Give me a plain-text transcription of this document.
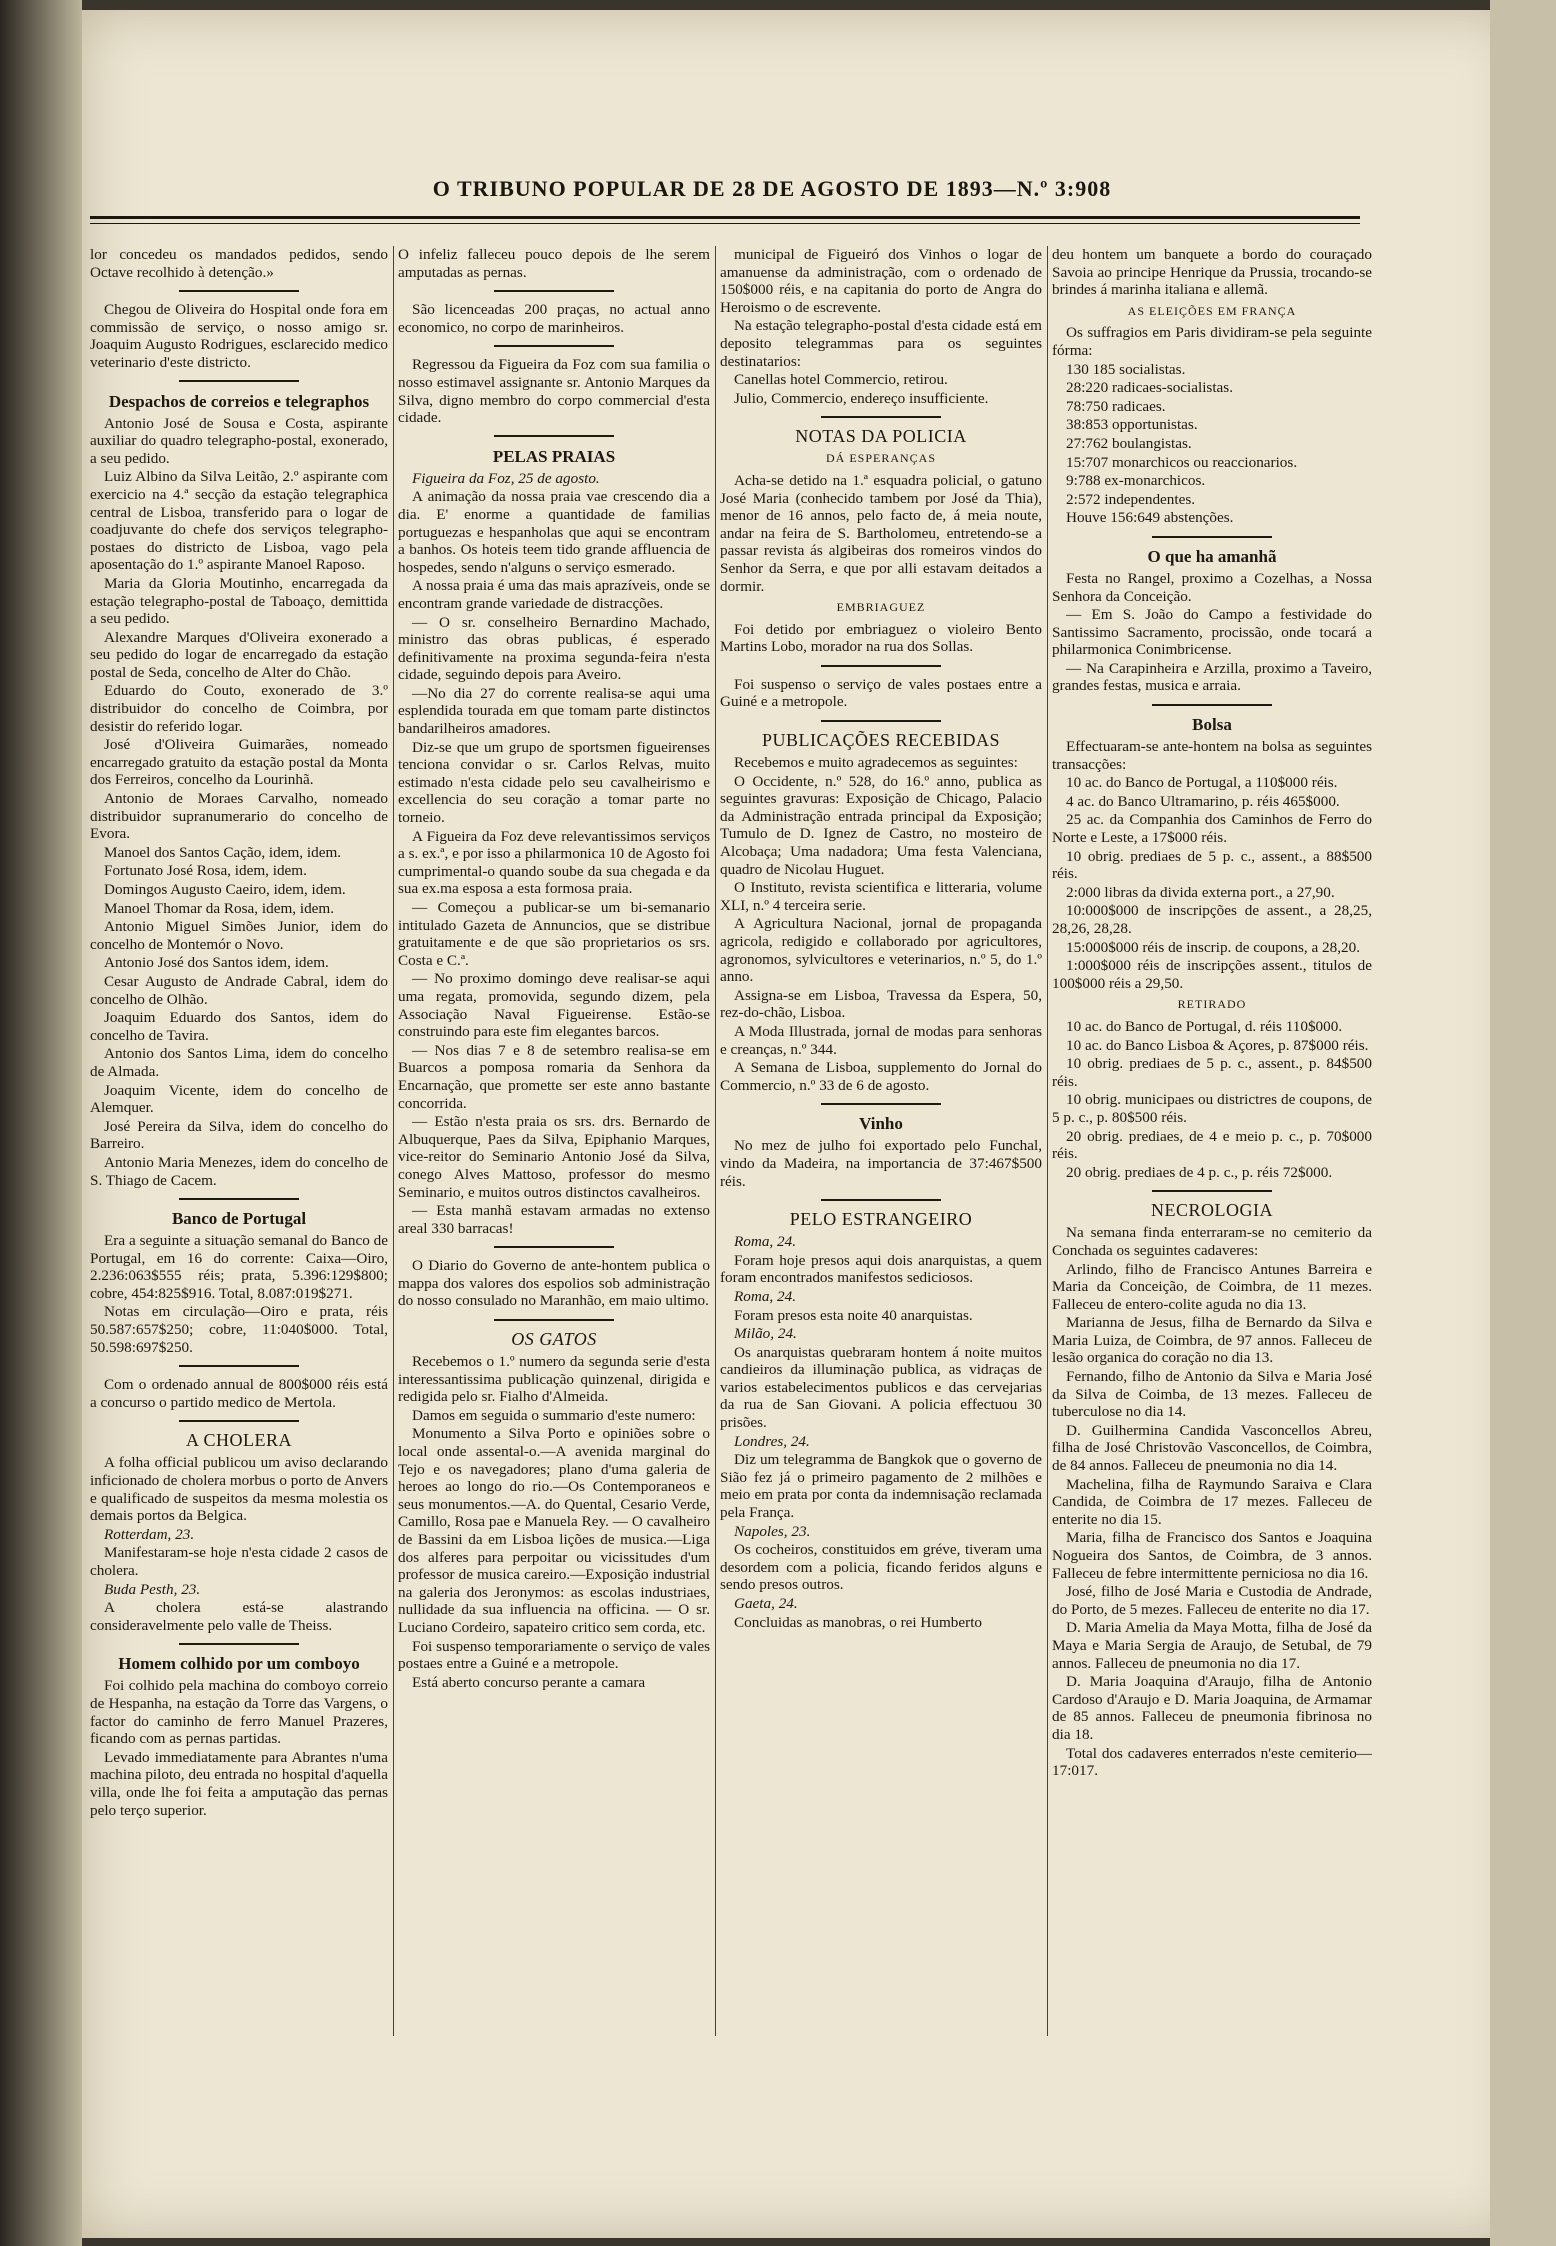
O TRIBUNO POPULAR DE 28 DE AGOSTO DE 1893—N.º 3:908

lor concedeu os mandados pedidos, sendo Octave recolhido à detenção.»

Chegou de Oliveira do Hospital onde fora em commissão de serviço, o nosso amigo sr. Joaquim Augusto Rodrigues, esclarecido medico veterinario d'este districto.

Despachos de correios e telegraphos

Antonio José de Sousa e Costa, aspirante auxiliar do quadro telegrapho-postal, exonerado, a seu pedido.

Luiz Albino da Silva Leitão, 2.º aspirante com exercicio na 4.ª secção da estação telegraphica central de Lisboa, transferido para o logar de coadjuvante do chefe dos serviços telegrapho-postaes do districto de Lisboa, vago pela aposentação do 1.º aspirante Manoel Raposo.

Maria da Gloria Moutinho, encarregada da estação telegrapho-postal de Taboaço, demittida a seu pedido.

Alexandre Marques d'Oliveira exonerado a seu pedido do logar de encarregado da estação postal de Seda, concelho de Alter do Chão.

Eduardo do Couto, exonerado de 3.º distribuidor do concelho de Coimbra, por desistir do referido logar.

José d'Oliveira Guimarães, nomeado encarregado gratuito da estação postal da Monta dos Ferreiros, concelho da Lourinhã.

Antonio de Moraes Carvalho, nomeado distribuidor supranumerario do concelho de Evora.

Manoel dos Santos Cação, idem, idem.

Fortunato José Rosa, idem, idem.

Domingos Augusto Caeiro, idem, idem.

Manoel Thomar da Rosa, idem, idem.

Antonio Miguel Simões Junior, idem do concelho de Montemór o Novo.

Antonio José dos Santos idem, idem.

Cesar Augusto de Andrade Cabral, idem do concelho de Olhão.

Joaquim Eduardo dos Santos, idem do concelho de Tavira.

Antonio dos Santos Lima, idem do concelho de Almada.

Joaquim Vicente, idem do concelho de Alemquer.

José Pereira da Silva, idem do concelho do Barreiro.

Antonio Maria Menezes, idem do concelho de S. Thiago de Cacem.

Banco de Portugal

Era a seguinte a situação semanal do Banco de Portugal, em 16 do corrente: Caixa—Oiro, 2.236:063$555 réis; prata, 5.396:129$800; cobre, 454:825$916. Total, 8.087:019$271.

Notas em circulação—Oiro e prata, réis 50.587:657$250; cobre, 11:040$000. Total, 50.598:697$250.

Com o ordenado annual de 800$000 réis está a concurso o partido medico de Mertola.

A CHOLERA

A folha official publicou um aviso declarando inficionado de cholera morbus o porto de Anvers e qualificado de suspeitos da mesma molestia os demais portos da Belgica.

Rotterdam, 23.

Manifestaram-se hoje n'esta cidade 2 casos de cholera.

Buda Pesth, 23.

A cholera está-se alastrando consideravelmente pelo valle de Theiss.

Homem colhido por um comboyo

Foi colhido pela machina do comboyo correio de Hespanha, na estação da Torre das Vargens, o factor do caminho de ferro Manuel Prazeres, ficando com as pernas partidas.

Levado immediatamente para Abrantes n'uma machina piloto, deu entrada no hospital d'aquella villa, onde lhe foi feita a amputação das pernas pelo terço superior.

O infeliz falleceu pouco depois de lhe serem amputadas as pernas.

São licenceadas 200 praças, no actual anno economico, no corpo de marinheiros.

Regressou da Figueira da Foz com sua familia o nosso estimavel assignante sr. Antonio Marques da Silva, digno membro do corpo commercial d'esta cidade.

PELAS PRAIAS

Figueira da Foz, 25 de agosto.

A animação da nossa praia vae crescendo dia a dia. E' enorme a quantidade de familias portuguezas e hespanholas que aqui se encontram a banhos. Os hoteis teem tido grande affluencia de hospedes, sendo n'alguns o serviço esmerado.

A nossa praia é uma das mais aprazíveis, onde se encontram grande variedade de distracções.

— O sr. conselheiro Bernardino Machado, ministro das obras publicas, é esperado definitivamente na proxima segunda-feira n'esta cidade, seguindo depois para Aveiro.

—No dia 27 do corrente realisa-se aqui uma esplendida tourada em que tomam parte distinctos bandarilheiros amadores.

Diz-se que um grupo de sportsmen figueirenses tenciona convidar o sr. Carlos Relvas, muito estimado n'esta cidade pelo seu cavalheirismo e excellencia do seu coração a tomar parte no torneio.

A Figueira da Foz deve relevantissimos serviços a s. ex.ª, e por isso a philarmonica 10 de Agosto foi cumprimental-o quando soube da sua chegada e da sua ex.ma esposa a esta formosa praia.

— Começou a publicar-se um bi-semanario intitulado Gazeta de Annuncios, que se distribue gratuitamente e de que são proprietarios os srs. Costa e C.ª.

— No proximo domingo deve realisar-se aqui uma regata, promovida, segundo dizem, pela Associação Naval Figueirense. Estão-se construindo para este fim elegantes barcos.

— Nos dias 7 e 8 de setembro realisa-se em Buarcos a pomposa romaria da Senhora da Encarnação, que promette ser este anno bastante concorrida.

— Estão n'esta praia os srs. drs. Bernardo de Albuquerque, Paes da Silva, Epiphanio Marques, vice-reitor do Seminario Antonio José da Silva, conego Alves Mattoso, professor do mesmo Seminario, e muitos outros distinctos cavalheiros.

— Esta manhã estavam armadas no extenso areal 330 barracas!

O Diario do Governo de ante-hontem publica o mappa dos valores dos espolios sob administração do nosso consulado no Maranhão, em maio ultimo.

OS GATOS

Recebemos o 1.º numero da segunda serie d'esta interessantissima publicação quinzenal, dirigida e redigida pelo sr. Fialho d'Almeida.

Damos em seguida o summario d'este numero:

Monumento a Silva Porto e opiniões sobre o local onde assental-o.—A avenida marginal do Tejo e os navegadores; plano d'uma galeria de heroes ao longo do rio.—Os Contemporaneos e seus monumentos.—A. do Quental, Cesario Verde, Camillo, Rosa pae e Manuela Rey. — O cavalheiro de Bassini da em Lisboa lições de musica.—Liga dos alferes para perpoitar ou vicissitudes d'um professor de musica careiro.—Exposição industrial na galeria dos Jeronymos: as escolas industriaes, nullidade da sua influencia na officina. — O sr. Luciano Cordeiro, sapateiro critico sem corda, etc.

Foi suspenso temporariamente o serviço de vales postaes entre a Guiné e a metropole.

Está aberto concurso perante a camara

municipal de Figueiró dos Vinhos o logar de amanuense da administração, com o ordenado de 150$000 réis, e na capitania do porto de Angra do Heroismo o de escrevente.

Na estação telegrapho-postal d'esta cidade está em deposito telegrammas para os seguintes destinatarios:

Canellas hotel Commercio, retirou.

Julio, Commercio, endereço insufficiente.

NOTAS DA POLICIA
DÁ ESPERANÇAS

Acha-se detido na 1.ª esquadra policial, o gatuno José Maria (conhecido tambem por José da Thia), menor de 16 annos, pelo facto de, á meia noute, andar na feira de S. Bartholomeu, entretendo-se a passar revista ás algibeiras dos romeiros vindos do Senhor da Serra, e que por alli estavam deitados a dormir.

EMBRIAGUEZ

Foi detido por embriaguez o violeiro Bento Martins Lobo, morador na rua dos Sollas.

Foi suspenso o serviço de vales postaes entre a Guiné e a metropole.

PUBLICAÇÕES RECEBIDAS

Recebemos e muito agradecemos as seguintes:

O Occidente, n.º 528, do 16.º anno, publica as seguintes gravuras: Exposição de Chicago, Palacio da Administração entrada principal da Exposição; Tumulo de D. Ignez de Castro, no mosteiro de Alcobaça; Uma nadadora; Uma festa Valenciana, quadro de Nicolau Huguet.

O Instituto, revista scientifica e litteraria, volume XLI, n.º 4 terceira serie.

A Agricultura Nacional, jornal de propaganda agricola, redigido e collaborado por agricultores, agronomos, sylvicultores e veterinarios, n.º 5, do 1.º anno.

Assigna-se em Lisboa, Travessa da Espera, 50, rez-do-chão, Lisboa.

A Moda Illustrada, jornal de modas para senhoras e creanças, n.º 344.

A Semana de Lisboa, supplemento do Jornal do Commercio, n.º 33 de 6 de agosto.

Vinho

No mez de julho foi exportado pelo Funchal, vindo da Madeira, na importancia de 37:467$500 réis.

PELO ESTRANGEIRO

Roma, 24.

Foram hoje presos aqui dois anarquistas, a quem foram encontrados manifestos sediciosos.

Roma, 24.

Foram presos esta noite 40 anarquistas.

Milão, 24.

Os anarquistas quebraram hontem á noite muitos candieiros da illuminação publica, as vidraças de varios estabelecimentos publicos e das cervejarias da rua de San Giovani. A policia effectuou 30 prisões.

Londres, 24.

Diz um telegramma de Bangkok que o governo de Sião fez já o primeiro pagamento de 2 milhões e meio em prata por conta da indemnisação reclamada pela França.

Napoles, 23.

Os cocheiros, constituidos em gréve, tiveram uma desordem com a policia, ficando feridos alguns e sendo presos outros.

Gaeta, 24.

Concluidas as manobras, o rei Humberto

deu hontem um banquete a bordo do couraçado Savoia ao principe Henrique da Prussia, trocando-se brindes á marinha italiana e allemã.

AS ELEIÇÕES EM FRANÇA

Os suffragios em Paris dividiram-se pela seguinte fórma:

130 185 socialistas.

28:220 radicaes-socialistas.

78:750 radicaes.

38:853 opportunistas.

27:762 boulangistas.

15:707 monarchicos ou reaccionarios.

9:788 ex-monarchicos.

2:572 independentes.

Houve 156:649 abstenções.

O que ha amanhã

Festa no Rangel, proximo a Cozelhas, a Nossa Senhora da Conceição.

— Em S. João do Campo a festividade do Santissimo Sacramento, procissão, onde tocará a philarmonica Conimbricense.

— Na Carapinheira e Arzilla, proximo a Taveiro, grandes festas, musica e arraia.

Bolsa

Effectuaram-se ante-hontem na bolsa as seguintes transacções:

10 ac. do Banco de Portugal, a 110$000 réis.

4 ac. do Banco Ultramarino, p. réis 465$000.

25 ac. da Companhia dos Caminhos de Ferro do Norte e Leste, a 17$000 réis.

10 obrig. prediaes de 5 p. c., assent., a 88$500 réis.

2:000 libras da divida externa port., a 27,90.

10:000$000 de inscripções de assent., a 28,25, 28,26, 28,28.

15:000$000 réis de inscrip. de coupons, a 28,20.

1:000$000 réis de inscripções assent., titulos de 100$000 réis a 29,50.

RETIRADO

10 ac. do Banco de Portugal, d. réis 110$000.

10 ac. do Banco Lisboa & Açores, p. 87$000 réis.

10 obrig. prediaes de 5 p. c., assent., p. 84$500 réis.

10 obrig. municipaes ou districtres de coupons, de 5 p. c., p. 80$500 réis.

20 obrig. prediaes, de 4 e meio p. c., p. 70$000 réis.

20 obrig. prediaes de 4 p. c., p. réis 72$000.

NECROLOGIA

Na semana finda enterraram-se no cemiterio da Conchada os seguintes cadaveres:

Arlindo, filho de Francisco Antunes Barreira e Maria da Conceição, de Coimbra, de 11 mezes. Falleceu de entero-colite aguda no dia 13.

Marianna de Jesus, filha de Bernardo da Silva e Maria Luiza, de Coimbra, de 97 annos. Falleceu de lesão organica do coração no dia 13.

Fernando, filho de Antonio da Silva e Maria José da Silva de Coimba, de 13 mezes. Falleceu de tuberculose no dia 14.

D. Guilhermina Candida Vasconcellos Abreu, filha de José Christovão Vasconcellos, de Coimbra, de 84 annos. Falleceu de pneumonia no dia 14.

Machelina, filha de Raymundo Saraiva e Clara Candida, de Coimbra de 17 mezes. Falleceu de enterite no dia 15.

Maria, filha de Francisco dos Santos e Joaquina Nogueira dos Santos, de Coimbra, de 3 annos. Falleceu de febre intermittente perniciosa no dia 16.

José, filho de José Maria e Custodia de Andrade, do Porto, de 5 mezes. Falleceu de enterite no dia 17.

D. Maria Amelia da Maya Motta, filha de José da Maya e Maria Sergia de Araujo, de Setubal, de 79 annos. Falleceu de pneumonia no dia 17.

D. Maria Joaquina d'Araujo, filha de Antonio Cardoso d'Araujo e D. Maria Joaquina, de Armamar de 85 annos. Falleceu de pneumonia fibrinosa no dia 18.

Total dos cadaveres enterrados n'este cemiterio—17:017.
